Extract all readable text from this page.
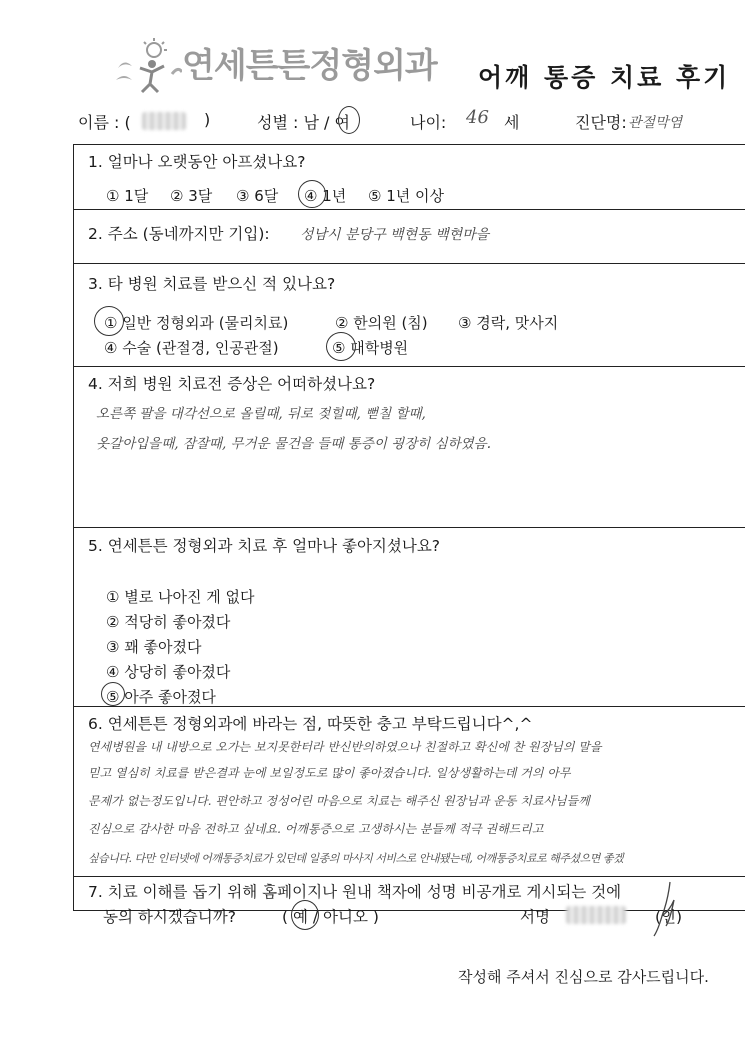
연세튼튼정형외과 어깨 통증 치료 후기
이름 : (	)	성별 : 남 / 여	나이: 46 세	진단명: 관절막염
1. 얼마나 오랫동안 아프셨나요?
① 1달 ② 3달 ③ 6달 ④ 1년 ⑤ 1년 이상
2. 주소 (동네까지만 기입): 성남시 분당구 백현동 백현마을
3. 타 병원 치료를 받으신 적 있나요?
① 일반 정형외과 (물리치료)	② 한의원 (침) ③ 경락, 맛사지
④ 수술 (관절경, 인공관절)	⑤ 대학병원
4. 저희 병원 치료전 증상은 어떠하셨나요?
오른쪽 팔을 대각선으로 올릴때, 뒤로 젖힐때, 뻗칠 할때,
옷갈아입을때, 잠잘때, 무거운 물건을 들때 통증이 굉장히 심하였음.
5. 연세튼튼 정형외과 치료 후 얼마나 좋아지셨나요?
① 별로 나아진 게 없다
② 적당히 좋아졌다
③ 꽤 좋아졌다
④ 상당히 좋아졌다
⑤ 아주 좋아졌다
6. 연세튼튼 정형외과에 바라는 점, 따뜻한 충고 부탁드립니다^,^
연세병원을 내 내방으로 오가는 보지못한터라 반신반의하였으나 친절하고 확신에 찬 원장님의 말을
믿고 열심히 치료를 받은결과 눈에 보일정도로 많이 좋아졌습니다. 일상생활하는데 거의 아무
문제가 없는정도입니다. 편안하고 정성어린 마음으로 치료는 해주신 원장님과 운동 치료사님들께
진심으로 감사한 마음 전하고 싶네요. 어깨통증으로 고생하시는 분들께 적극 권해드리고
싶습니다. 다만 인터넷에 어깨통증치료가 있던데 일종의 마사지 서비스로 안내됐는데, 어깨통증치료로 해주셨으면 좋겠
7. 치료 이해를 돕기 위해 홈페이지나 원내 책자에 성명 비공개로 게시되는 것에
동의 하시겠습니까?	( 예 / 아니오 )	서명	(인)
작성해 주셔서 진심으로 감사드립니다.
